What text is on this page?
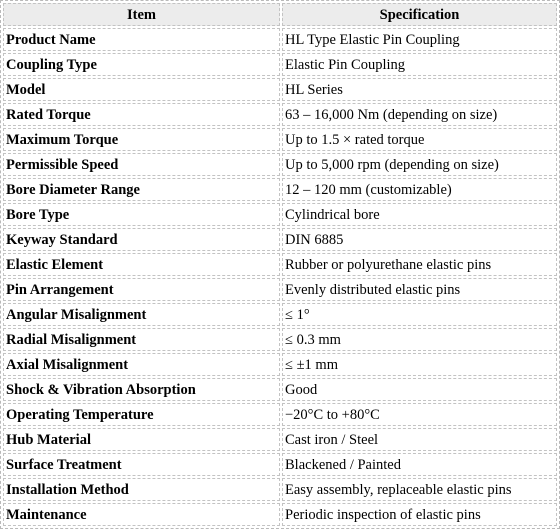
Item	Specification
Product Name	HL Type Elastic Pin Coupling
Coupling Type	Elastic Pin Coupling
Model	HL Series
Rated Torque	63 – 16,000 Nm (depending on size)
Maximum Torque	Up to 1.5 × rated torque
Permissible Speed	Up to 5,000 rpm (depending on size)
Bore Diameter Range	12 – 120 mm (customizable)
Bore Type	Cylindrical bore
Keyway Standard	DIN 6885
Elastic Element	Rubber or polyurethane elastic pins
Pin Arrangement	Evenly distributed elastic pins
Angular Misalignment	≤ 1°
Radial Misalignment	≤ 0.3 mm
Axial Misalignment	≤ ±1 mm
Shock & Vibration Absorption	Good
Operating Temperature	−20°C to +80°C
Hub Material	Cast iron / Steel
Surface Treatment	Blackened / Painted
Installation Method	Easy assembly, replaceable elastic pins
Maintenance	Periodic inspection of elastic pins
